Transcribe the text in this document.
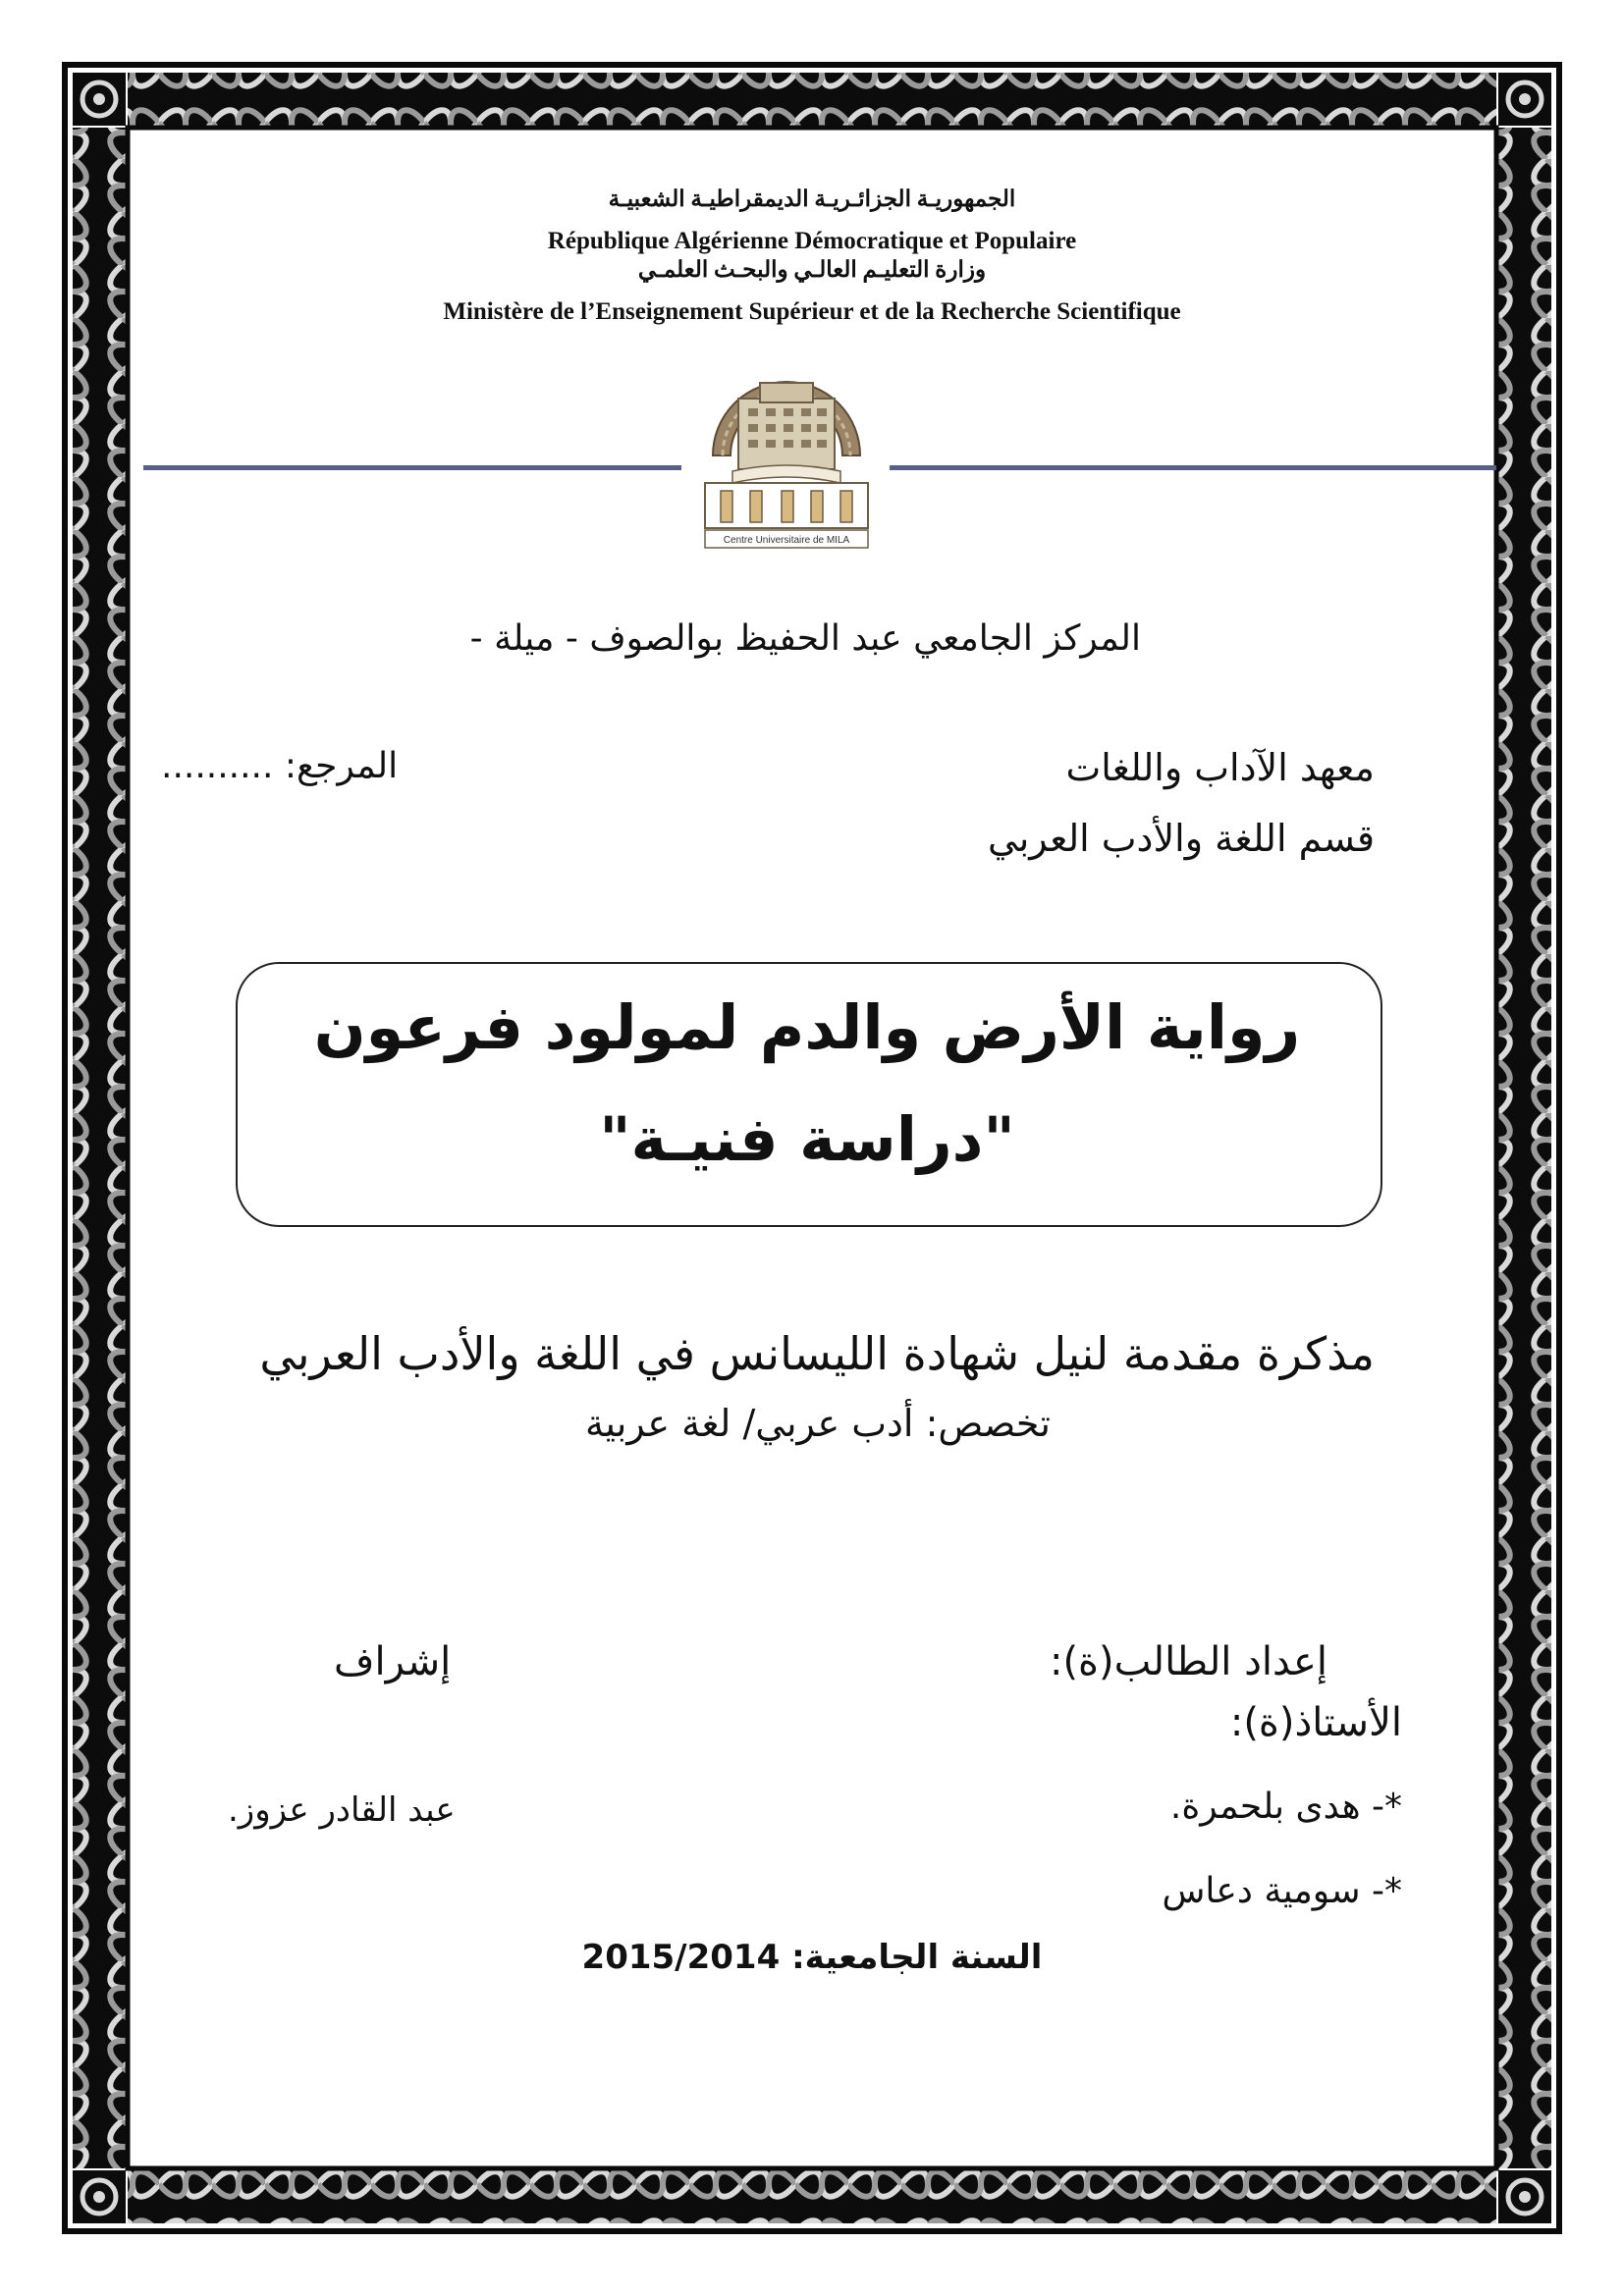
الجمهوريـة الجزائـريـة الديمقراطيـة الشعبيـة
République Algérienne Démocratique et Populaire
وزارة التعليـم العالـي والبحـث العلمـي
Ministère de l’Enseignement Supérieur et de la Recherche Scientifique
Centre Universitaire de MILA
المركز الجامعي عبد الحفيظ بوالصوف - ميلة -
المرجع: ..........	معهد الآداب واللغات
قسم اللغة والأدب العربي
رواية الأرض والدم لمولود فرعون
"دراسة فنيـة"
مذكرة مقدمة لنيل شهادة الليسانس في اللغة والأدب العربي
تخصص: أدب عربي/ لغة عربية
إعداد الطالب(ة):
إشراف
الأستاذ(ة):
*- هدى بلحمرة.
عبد القادر عزوز.
*- سومية دعاس
السنة الجامعية: 2015/2014
